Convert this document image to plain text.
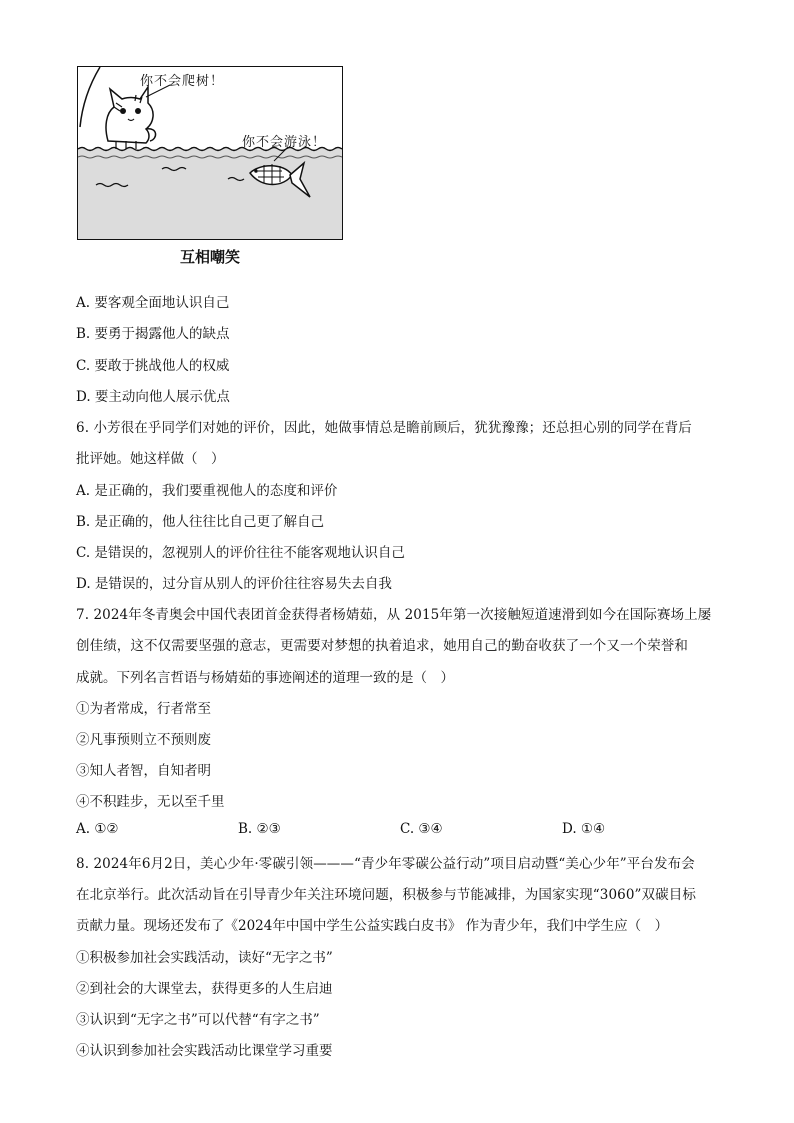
你不会爬树！
你不会游泳！
互相嘲笑
A. 要客观全面地认识自己
B. 要勇于揭露他人的缺点
C. 要敢于挑战他人的权威
D. 要主动向他人展示优点
6. 小芳很在乎同学们对她的评价，因此，她做事情总是瞻前顾后，犹犹豫豫；还总担心别的同学在背后
批评她。她这样做（　）
A. 是正确的，我们要重视他人的态度和评价
B. 是正确的，他人往往比自己更了解自己
C. 是错误的，忽视别人的评价往往不能客观地认识自己
D. 是错误的，过分盲从别人的评价往往容易失去自我
7. 2024年冬青奥会中国代表团首金获得者杨婧茹，从 2015年第一次接触短道速滑到如今在国际赛场上屡
创佳绩，这不仅需要坚强的意志，更需要对梦想的执着追求，她用自己的勤奋收获了一个又一个荣誉和
成就。下列名言哲语与杨婧茹的事迹阐述的道理一致的是（　）
①为者常成，行者常至
②凡事预则立不预则废
③知人者智，自知者明
④不积跬步，无以至千里
A. ①②	B. ②③	C. ③④	D. ①④
8. 2024年6月2日，美心少年·零碳引领———“青少年零碳公益行动”项目启动暨“美心少年”平台发布会
在北京举行。此次活动旨在引导青少年关注环境问题，积极参与节能减排，为国家实现“3060”双碳目标
贡献力量。现场还发布了《2024年中国中学生公益实践白皮书》 作为青少年，我们中学生应（　）
①积极参加社会实践活动，读好“无字之书”
②到社会的大课堂去，获得更多的人生启迪
③认识到“无字之书”可以代替“有字之书”
④认识到参加社会实践活动比课堂学习重要
